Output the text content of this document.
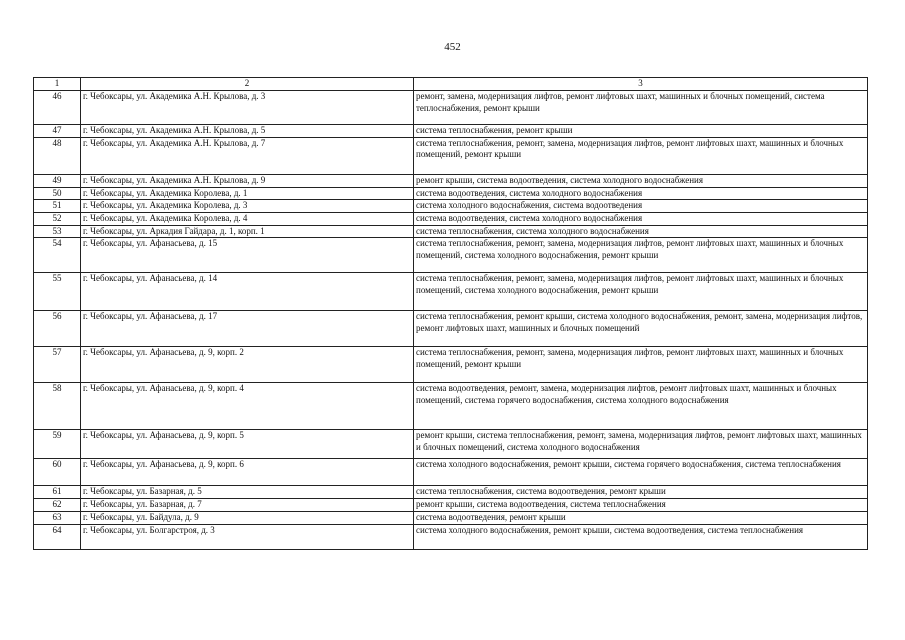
452
1	2	3
46	г. Чебоксары, ул. Академика А.Н. Крылова, д. 3	ремонт, замена, модернизация лифтов, ремонт лифтовых шахт, машинных и блочных помещений, система теплоснабжения, ремонт крыши
47	г. Чебоксары, ул. Академика А.Н. Крылова, д. 5	система теплоснабжения, ремонт крыши
48	г. Чебоксары, ул. Академика А.Н. Крылова, д. 7	система теплоснабжения, ремонт, замена, модернизация лифтов, ремонт лифтовых шахт, машинных и блочных помещений, ремонт крыши
49	г. Чебоксары, ул. Академика А.Н. Крылова, д. 9	ремонт крыши, система водоотведения, система холодного водоснабжения
50	г. Чебоксары, ул. Академика Королева, д. 1	система водоотведения, система холодного водоснабжения
51	г. Чебоксары, ул. Академика Королева, д. 3	система холодного водоснабжения, система водоотведения
52	г. Чебоксары, ул. Академика Королева, д. 4	система водоотведения, система холодного водоснабжения
53	г. Чебоксары, ул. Аркадия Гайдара, д. 1, корп. 1	система теплоснабжения, система холодного водоснабжения
54	г. Чебоксары, ул. Афанасьева, д. 15	система теплоснабжения, ремонт, замена, модернизация лифтов, ремонт лифтовых шахт, машинных и блочных помещений, система холодного водоснабжения, ремонт крыши
55	г. Чебоксары, ул. Афанасьева, д. 14	система теплоснабжения, ремонт, замена, модернизация лифтов, ремонт лифтовых шахт, машинных и блочных помещений, система холодного водоснабжения, ремонт крыши
56	г. Чебоксары, ул. Афанасьева, д. 17	система теплоснабжения, ремонт крыши, система холодного водоснабжения, ремонт, замена, модернизация лифтов, ремонт лифтовых шахт, машинных и блочных помещений
57	г. Чебоксары, ул. Афанасьева, д. 9, корп. 2	система теплоснабжения, ремонт, замена, модернизация лифтов, ремонт лифтовых шахт, машинных и блочных помещений, ремонт крыши
58	г. Чебоксары, ул. Афанасьева, д. 9, корп. 4	система водоотведения, ремонт, замена, модернизация лифтов, ремонт лифтовых шахт, машинных и блочных помещений, система горячего водоснабжения, система холодного водоснабжения
59	г. Чебоксары, ул. Афанасьева, д. 9, корп. 5	ремонт крыши, система теплоснабжения, ремонт, замена, модернизация лифтов, ремонт лифтовых шахт, машинных и блочных помещений, система холодного водоснабжения
60	г. Чебоксары, ул. Афанасьева, д. 9, корп. 6	система холодного водоснабжения, ремонт крыши, система горячего водоснабжения, система теплоснабжения
61	г. Чебоксары, ул. Базарная, д. 5	система теплоснабжения, система водоотведения, ремонт крыши
62	г. Чебоксары, ул. Базарная, д. 7	ремонт крыши, система водоотведения, система теплоснабжения
63	г. Чебоксары, ул. Байдула, д. 9	система водоотведения, ремонт крыши
64	г. Чебоксары, ул. Болгарстроя, д. 3	система холодного водоснабжения, ремонт крыши, система водоотведения, система теплоснабжения
